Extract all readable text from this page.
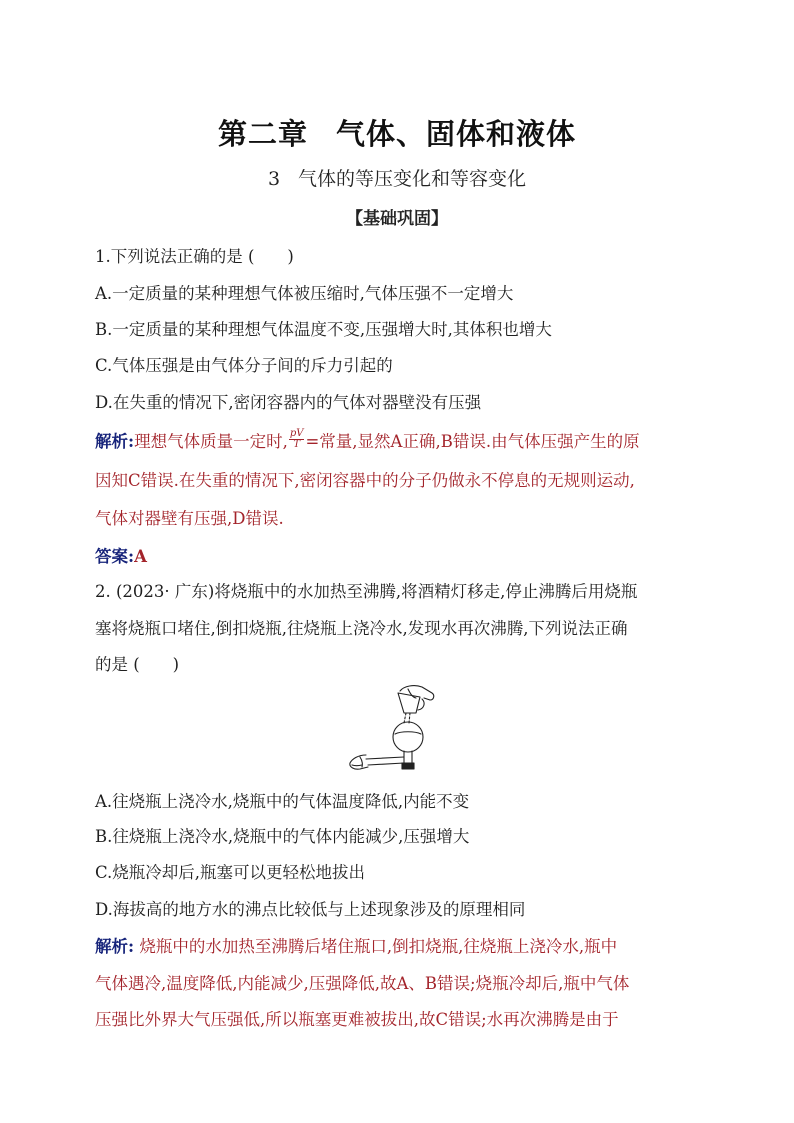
第二章 气体、固体和液体
3 气体的等压变化和等容变化
【基础巩固】
1.下列说法正确的是 (　　)
A.一定质量的某种理想气体被压缩时,气体压强不一定增大
B.一定质量的某种理想气体温度不变,压强增大时,其体积也增大
C.气体压强是由气体分子间的斥力引起的
D.在失重的情况下,密闭容器内的气体对器壁没有压强
解析:理想气体质量一定时, $\frac{pV}{T}$ =常量,显然A正确,B错误.由气体压强产生的原
因知C错误.在失重的情况下,密闭容器中的分子仍做永不停息的无规则运动,
气体对器壁有压强,D错误.
答案:A
2. (2023· 广东)将烧瓶中的水加热至沸腾,将酒精灯移走,停止沸腾后用烧瓶
塞将烧瓶口堵住,倒扣烧瓶,往烧瓶上浇冷水,发现水再次沸腾,下列说法正确
的是 (　　)
A.往烧瓶上浇冷水,烧瓶中的气体温度降低,内能不变
B.往烧瓶上浇冷水,烧瓶中的气体内能减少,压强增大
C.烧瓶冷却后,瓶塞可以更轻松地拔出
D.海拔高的地方水的沸点比较低与上述现象涉及的原理相同
解析: 烧瓶中的水加热至沸腾后堵住瓶口,倒扣烧瓶,往烧瓶上浇冷水,瓶中
气体遇冷,温度降低,内能减少,压强降低,故A、B错误;烧瓶冷却后,瓶中气体
压强比外界大气压强低,所以瓶塞更难被拔出,故C错误;水再次沸腾是由于
